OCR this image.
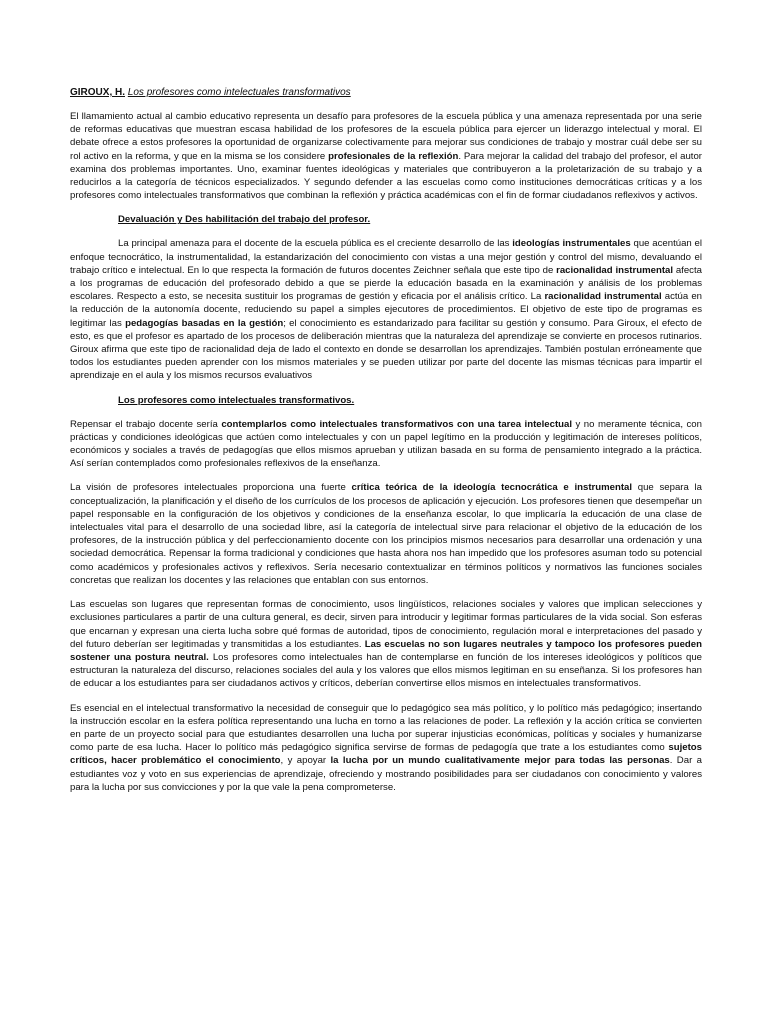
GIROUX, H. Los profesores como intelectuales transformativos

El llamamiento actual al cambio educativo representa un desafío para profesores de la escuela pública y una amenaza representada por una serie de reformas educativas que muestran escasa habilidad de los profesores de la escuela pública para ejercer un liderazgo intelectual y moral. El debate ofrece a estos profesores la oportunidad de organizarse colectivamente para mejorar sus condiciones de trabajo y mostrar cuál debe ser su rol activo en la reforma, y que en la misma se los considere profesionales de la reflexión. Para mejorar la calidad del trabajo del profesor, el autor examina dos problemas importantes. Uno, examinar fuentes ideológicas y materiales que contribuyeron a la proletarización de su trabajo y a reducirlos a la categoría de técnicos especializados. Y segundo defender a las escuelas como como instituciones democráticas críticas y a los profesores como intelectuales transformativos que combinan la reflexión y práctica académicas con el fin de formar ciudadanos reflexivos y activos.

Devaluación y Des habilitación del trabajo del profesor.

La principal amenaza para el docente de la escuela pública es el creciente desarrollo de las ideologías instrumentales que acentúan el enfoque tecnocrático, la instrumentalidad, la estandarización del conocimiento con vistas a una mejor gestión y control del mismo, devaluando el trabajo crítico e intelectual. En lo que respecta la formación de futuros docentes Zeichner señala que este tipo de racionalidad instrumental afecta a los programas de educación del profesorado debido a que se pierde la educación basada en la examinación y análisis de los problemas escolares. Respecto a esto, se necesita sustituir los programas de gestión y eficacia por el análisis crítico. La racionalidad instrumental actúa en la reducción de la autonomía docente, reduciendo su papel a simples ejecutores de procedimientos. El objetivo de este tipo de programas es legitimar las pedagogías basadas en la gestión; el conocimiento es estandarizado para facilitar su gestión y consumo. Para Giroux, el efecto de esto, es que el profesor es apartado de los procesos de deliberación mientras que la naturaleza del aprendizaje se convierte en procesos rutinarios. Giroux afirma que este tipo de racionalidad deja de lado el contexto en donde se desarrollan los aprendizajes. También postulan erróneamente que todos los estudiantes pueden aprender con los mismos materiales y se pueden utilizar por parte del docente las mismas técnicas para impartir el aprendizaje en el aula y los mismos recursos evaluativos

Los profesores como intelectuales transformativos.

Repensar el trabajo docente sería contemplarlos como intelectuales transformativos con una tarea intelectual y no meramente técnica, con prácticas y condiciones ideológicas que actúen como intelectuales y con un papel legítimo en la producción y legitimación de intereses políticos, económicos y sociales a través de pedagogías que ellos mismos aprueban y utilizan basada en su forma de pensamiento integrado a la práctica. Así serían contemplados como profesionales reflexivos de la enseñanza.

La visión de profesores intelectuales proporciona una fuerte crítica teórica de la ideología tecnocrática e instrumental que separa la conceptualización, la planificación y el diseño de los currículos de los procesos de aplicación y ejecución. Los profesores tienen que desempeñar un papel responsable en la configuración de los objetivos y condiciones de la enseñanza escolar, lo que implicaría la educación de una clase de intelectuales vital para el desarrollo de una sociedad libre, así la categoría de intelectual sirve para relacionar el objetivo de la educación de los profesores, de la instrucción pública y del perfeccionamiento docente con los principios mismos necesarios para desarrollar una ordenación y una sociedad democrática. Repensar la forma tradicional y condiciones que hasta ahora nos han impedido que los profesores asuman todo su potencial como académicos y profesionales activos y reflexivos. Sería necesario contextualizar en términos políticos y normativos las funciones sociales concretas que realizan los docentes y las relaciones que entablan con sus entornos.

Las escuelas son lugares que representan formas de conocimiento, usos lingüísticos, relaciones sociales y valores que implican selecciones y exclusiones particulares a partir de una cultura general, es decir, sirven para introducir y legitimar formas particulares de la vida social. Son esferas que encarnan y expresan una cierta lucha sobre qué formas de autoridad, tipos de conocimiento, regulación moral e interpretaciones del pasado y del futuro deberían ser legitimadas y transmitidas a los estudiantes. Las escuelas no son lugares neutrales y tampoco los profesores pueden sostener una postura neutral. Los profesores como intelectuales han de contemplarse en función de los intereses ideológicos y políticos que estructuran la naturaleza del discurso, relaciones sociales del aula y los valores que ellos mismos legitiman en su enseñanza. Si los profesores han de educar a los estudiantes para ser ciudadanos activos y críticos, deberían convertirse ellos mismos en intelectuales transformativos.

Es esencial en el intelectual transformativo la necesidad de conseguir que lo pedagógico sea más político, y lo político más pedagógico; insertando la instrucción escolar en la esfera política representando una lucha en torno a las relaciones de poder. La reflexión y la acción crítica se convierten en parte de un proyecto social para que estudiantes desarrollen una lucha por superar injusticias económicas, políticas y sociales y humanizarse como parte de esa lucha. Hacer lo político más pedagógico significa servirse de formas de pedagogía que trate a los estudiantes como sujetos críticos, hacer problemático el conocimiento, y apoyar la lucha por un mundo cualitativamente mejor para todas las personas. Dar a estudiantes voz y voto en sus experiencias de aprendizaje, ofreciendo y mostrando posibilidades para ser ciudadanos con conocimiento y valores para la lucha por sus convicciones y por la que vale la pena comprometerse.
